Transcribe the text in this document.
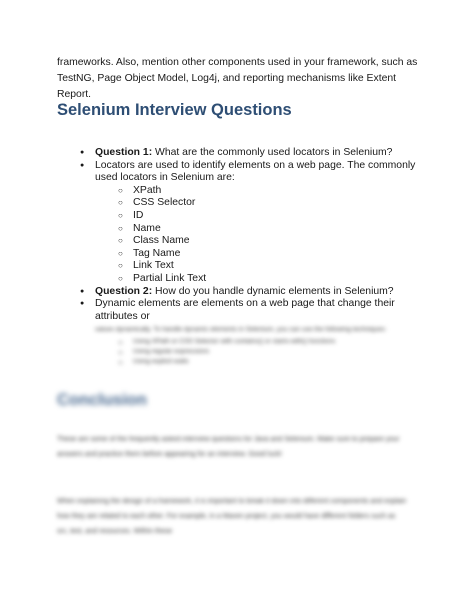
frameworks. Also, mention other components used in your framework, such as TestNG, Page Object Model, Log4j, and reporting mechanisms like Extent Report.

Selenium Interview Questions
● Question 1: What are the commonly used locators in Selenium?
● Locators are used to identify elements on a web page. The commonly used locators in Selenium are:
○ XPath
○ CSS Selector
○ ID
○ Name
○ Class Name
○ Tag Name
○ Link Text
○ Partial Link Text
● Question 2: How do you handle dynamic elements in Selenium?
● Dynamic elements are elements on a web page that change their attributes or
values dynamically. To handle dynamic elements in Selenium, you can use the following techniques:
○ Using XPath or CSS Selector with contains() or starts-with() functions
○ Using regular expressions
○ Using explicit waits
Conclusion

These are some of the frequently asked interview questions for Java and Selenium. Make sure to prepare your answers and practice them before appearing for an interview. Good luck!

When explaining the design of a framework, it is important to break it down into different components and explain how they are related to each other. For example, in a Maven project, you would have different folders such as src, test, and resources. Within these
